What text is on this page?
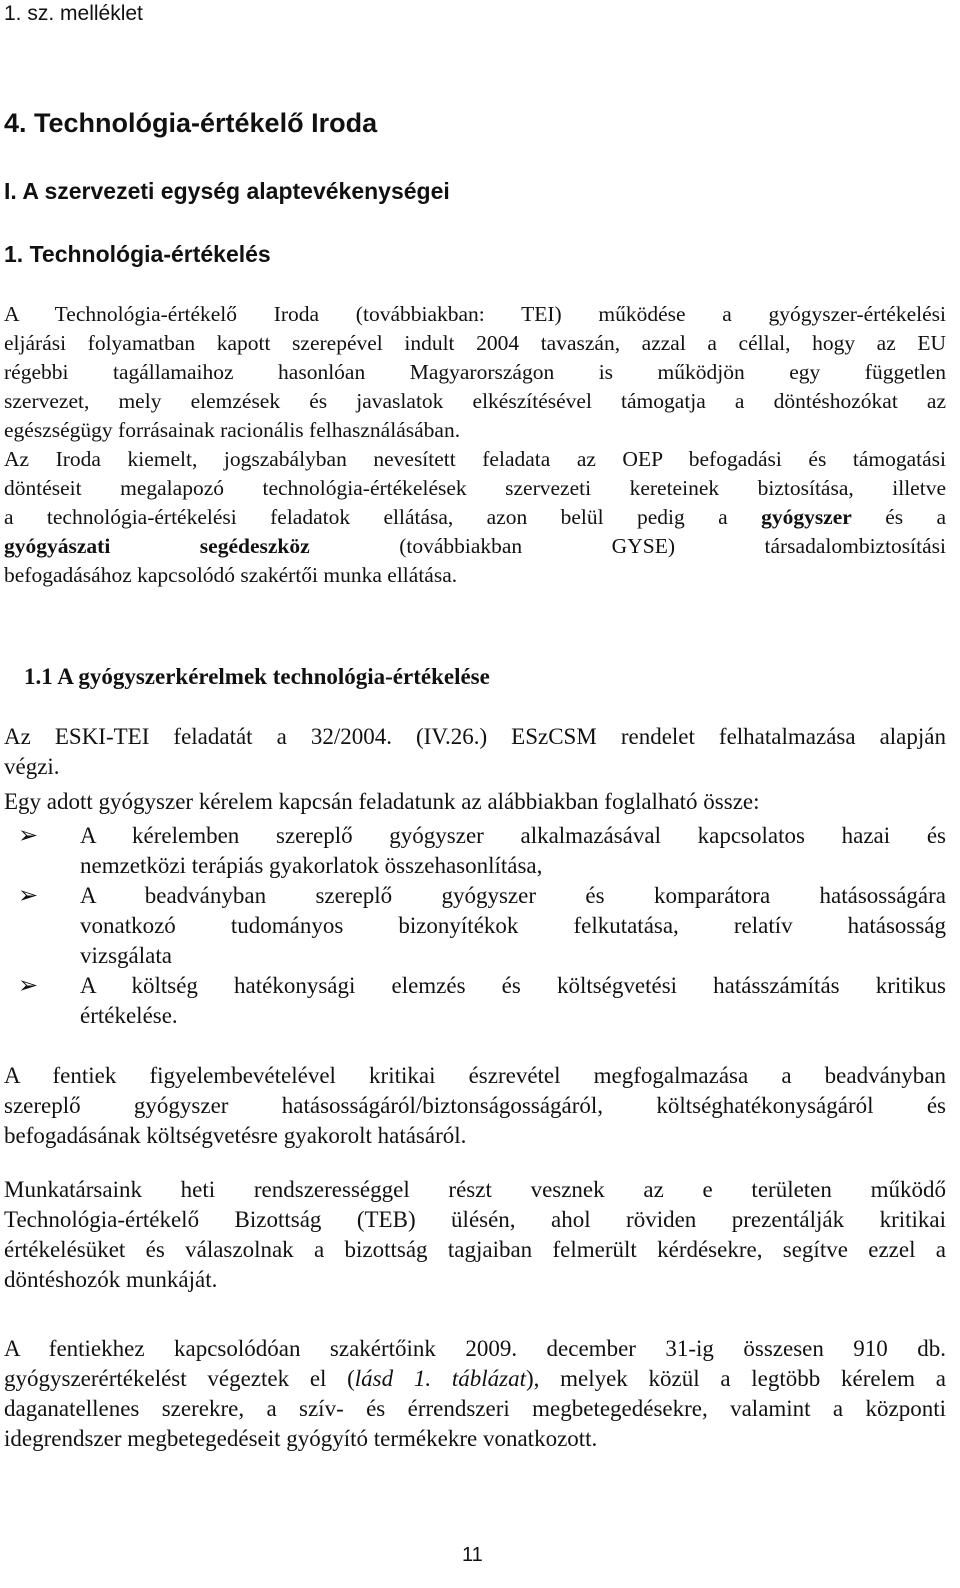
1. sz. melléklet

4. Technológia-értékelő Iroda

I. A szervezeti egység alaptevékenységei

1. Technológia-értékelés

A Technológia-értékelő Iroda (továbbiakban: TEI) működése a gyógyszer-értékelési

eljárási folyamatban kapott szerepével indult 2004 tavaszán, azzal a céllal, hogy az EU

régebbi tagállamaihoz hasonlóan Magyarországon is működjön egy független

szervezet, mely elemzések és javaslatok elkészítésével támogatja a döntéshozókat az

egészségügy forrásainak racionális felhasználásában.

Az Iroda kiemelt, jogszabályban nevesített feladata az OEP befogadási és támogatási

döntéseit megalapozó technológia-értékelések szervezeti kereteinek biztosítása, illetve

a technológia-értékelési feladatok ellátása, azon belül pedig a gyógyszer és a

gyógyászati segédeszköz	(továbbiakban GYSE) társadalombiztosítási

befogadásához kapcsolódó szakértői munka ellátása.

1.1 A gyógyszerkérelmek technológia-értékelése

Az ESKI-TEI feladatát a 32/2004. (IV.26.) ESzCSM rendelet felhatalmazása alapján

végzi.

Egy adott gyógyszer kérelem kapcsán feladatunk az alábbiakban foglalható össze:

➢ A kérelemben szereplő gyógyszer alkalmazásával kapcsolatos hazai és

nemzetközi terápiás gyakorlatok összehasonlítása,

➢ A beadványban szereplő gyógyszer és komparátora hatásosságára

vonatkozó tudományos bizonyítékok felkutatása, relatív hatásosság

vizsgálata

➢ A költség hatékonysági elemzés és költségvetési hatásszámítás kritikus

értékelése.

A fentiek figyelembevételével kritikai észrevétel megfogalmazása a beadványban

szereplő gyógyszer hatásosságáról/biztonságosságáról, költséghatékonyságáról és

befogadásának költségvetésre gyakorolt hatásáról.

Munkatársaink heti rendszerességgel részt vesznek az e területen működő

Technológia-értékelő Bizottság (TEB) ülésén, ahol röviden prezentálják kritikai

értékelésüket és válaszolnak a bizottság tagjaiban felmerült kérdésekre, segítve ezzel a

döntéshozók munkáját.

A fentiekhez kapcsolódóan szakértőink 2009. december 31-ig összesen 910 db.

gyógyszerértékelést végeztek el (lásd 1. táblázat), melyek közül a legtöbb kérelem a

daganatellenes szerekre, a szív- és érrendszeri megbetegedésekre, valamint a központi

idegrendszer megbetegedéseit gyógyító termékekre vonatkozott.

11
